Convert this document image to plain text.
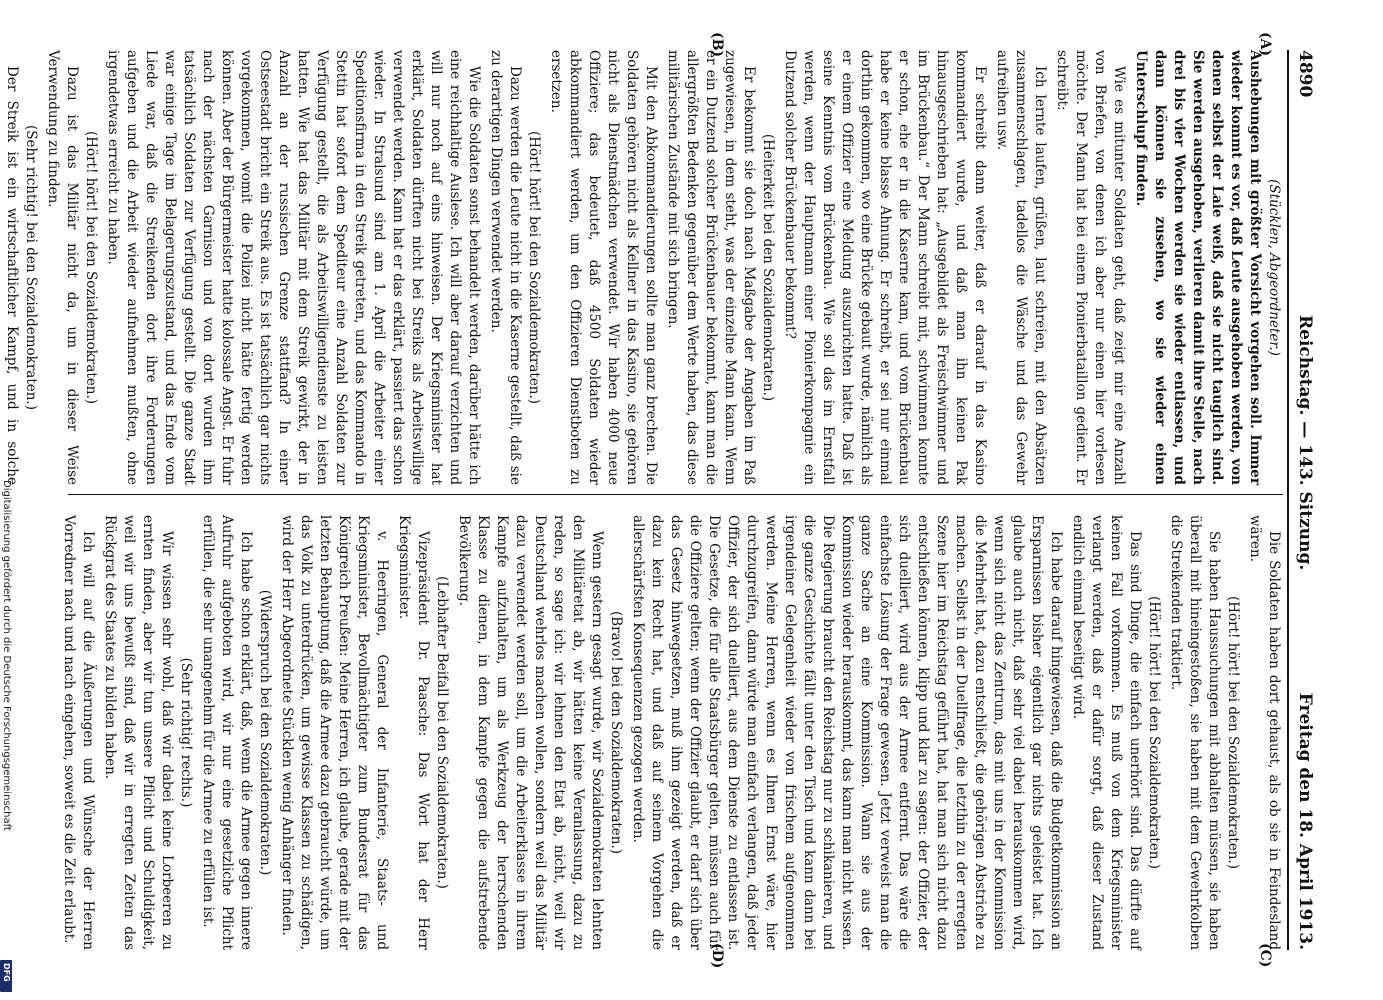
4890
Reichstag. — 143. Sitzung.
Freitag den 18. April 1913.
(A)
(B)
(C)
(D)
(Stücklen, Abgeordneter.)

Aushebungen mit größter Vorsicht vorgehen soll. Immer wieder kommt es vor, daß Leute ausgehoben werden, von denen selbst der Laie weiß, daß sie nicht tauglich sind. Sie werden ausgehoben, verlieren damit ihre Stelle, nach drei bis vier Wochen werden sie wieder entlassen, und dann können sie zusehen, wo sie wieder einen Unterschlupf finden.

Wie es mitunter Soldaten geht, daß zeigt mir eine Anzahl von Briefen, von denen ich aber nur einen hier vorlesen möchte. Der Mann hat bei einem Pionierbataillon gedient. Er schreibt:

Ich lernte laufen, grüßen, laut schreien, mit den Absätzen zusammenschlagen, tadellos die Wäsche und das Gewehr aufreihen usw.

Er schreibt dann weiter, daß er darauf in das Kasino kommandiert wurde, und daß man ihn keinen Pak hinausgeschrieben hat: „Ausgebildet als Freischwimmer und im Brückenbau.“ Der Mann schreibt mit, schwimmen konnte er schon, ehe er in die Kaserne kam, und vom Brückenbau habe er keine blasse Ahnung. Er schreibt, er sei nur einmal dorthin gekommen, wo eine Brücke gebaut wurde, nämlich als er einem Offizier eine Meldung auszurichten hatte. Daß ist seine Kenntnis vom Brückenbau. Wie soll das im Ernstfall werden, wenn der Hauptmann einer Pionierkompagnie ein Dutzend solcher Brückenbauer bekommt?

(Heiterkeit bei den Sozialdemokraten.)

Er bekommt sie doch nach Maßgabe der Angaben im Paß zugewiesen, in dem steht, was der einzelne Mann kann. Wenn er ein Dutzend solcher Brückenbauer bekommt, kann man die allergrößten Bedenken gegenüber dem Werte haben, das diese militärischen Zustände mit sich bringen.

Mit den Abkommandierungen sollte man ganz brechen. Die Soldaten gehören nicht als Kellner in das Kasino, sie gehören nicht als Dienstmädchen verwendet. Wir haben 4000 neue Offiziere; das bedeutet, daß 4500 Soldaten wieder abkommandiert werden, um den Offizieren Dienstboten zu ersetzen.

(Hört! hört! bei den Sozialdemokraten.)

Dazu werden die Leute nicht in die Kaserne gestellt, daß sie zu derartigen Dingen verwendet werden.

Wie die Soldaten sonst behandelt werden, darüber hätte ich eine reichhaltige Auslese. Ich will aber darauf verzichten und will nur noch auf eins hinweisen. Der Kriegsminister hat erklärt, Soldaten dürften nicht bei Streiks als Arbeitswillige verwendet werden. Kann hat er das erklärt, passiert das schon wieder. In Stralsund sind am 1. April die Arbeiter einer Speditionsfirma in den Streik getreten, und das Kommando in Stettin hat sofort dem Spediteur eine Anzahl Soldaten zur Verfügung gestellt, die als Arbeitswilligendienste zu leisten hatten. Wie hat das Militär mit dem Streik gewirkt, der in Anzahl an der russischen Grenze stattfand? In einer Ostseestadt bricht ein Streik aus. Es ist tatsächlich gar nichts vorgekommen, womit die Polizei nicht hätte fertig werden können. Aber der Bürgermeister hatte kolossale Angst. Er fuhr nach der nächsten Garnison und von dort wurden ihm tatsächlich Soldaten zur Verfügung gestellt. Die ganze Stadt war einige Tage im Belagerungszustand, und das Ende vom Liede war, daß die Streikenden dort ihre Forderungen aufgeben und die Arbeit wieder aufnehmen mußten, ohne irgendetwas erreicht zu haben.

(Hört! hört! bei den Sozialdemokraten.)

Dazu ist das Militär nicht da, um in dieser Weise Verwendung zu finden.

(Sehr richtig! bei den Sozialdemokraten.)

Der Streik ist ein wirtschaftlicher Kampf, und in solche

Die Soldaten haben dort gehaust, als ob sie in Feindesland wären.

(Hört! hört! bei den Sozialdemokraten.)

Sie haben Haussuchungen mit abhalten müssen, sie haben überall mit hineingestoßen, sie haben mit dem Gewehrkolben die Streikenden traktiert.

(Hört! hört! bei den Sozialdemokraten.)

Das sind Dinge, die einfach unerhört sind. Das dürfte auf keinen Fall vorkommen. Es muß von dem Kriegsminister verlangt werden, daß er dafür sorgt, daß dieser Zustand endlich einmal beseitigt wird.

Ich habe darauf hingewiesen, daß die Budgetkommission an Ersparnissen bisher eigentlich gar nichts geleistet hat. Ich glaube auch nicht, daß sehr viel dabei herauskommen wird, wenn sich nicht das Zentrum, das mit uns in der Kommission die Mehrheit hat, dazu entschließt, die gehörigen Abstriche zu machen. Selbst in der Duellfrage, die letzthin zu der erregten Szene hier im Reichstag geführt hat, hat man sich nicht dazu entschließen können, klipp und klar zu sagen: der Offizier, der sich duelliert, wird aus der Armee entfernt. Das wäre die einfachste Lösung der Frage gewesen. Jetzt verweist man die ganze Sache an eine Kommission. Wann sie aus der Kommission wieder herauskommt, das kann man nicht wissen. Die Regierung braucht den Reichstag nur zu schikanieren, und die ganze Geschichte fällt unter den Tisch und kann dann bei irgendeiner Gelegenheit wieder von frischem aufgenommen werden. Meine Herren, wenn es Ihnen Ernst wäre, hier durchzugreifen, dann würde man einfach verlangen, daß jeder Offizier, der sich duelliert, aus dem Dienste zu entlassen ist. Die Gesetze, die für alle Staatsbürger gelten, müssen auch für die Offiziere gelten; wenn der Offizier glaubt, er darf sich über das Gesetz hinwegsetzen, muß ihm gezeigt werden, daß er dazu kein Recht hat, und daß auf seinem Vorgehen die allerschärfsten Konsequenzen gezogen werden.

(Bravo! bei den Sozialdemokraten.)

Wenn gestern gesagt wurde, wir Sozialdemokraten lehnten den Militäretat ab, wir hätten keine Veranlassung, dazu zu reden, so sage ich: wir lehnen den Etat ab, nicht, weil wir Deutschland wehrlos machen wollen, sondern weil das Militär dazu verwendet werden soll, um die Arbeiterklasse in ihrem Kampfe aufzuhalten, um als Werkzeug der herrschenden Klasse zu dienen, in dem Kampfe gegen die aufstrebende Bevölkerung.

(Lebhafter Beifall bei den Sozialdemokraten.)

Vizepräsident Dr. Paasche: Das Wort hat der Herr Kriegsminister.

v. Heeringen, General der Infanterie, Staats- und Kriegsminister, Bevollmächtigter zum Bundesrat für das Königreich Preußen: Meine Herren, ich glaube, gerade mit der letzten Behauptung, daß die Armee dazu gebraucht würde, um das Volk zu unterdrücken, um gewisse Klassen zu schädigen, wird der Herr Abgeordnete Stücklen wenig Anhänger finden.

(Widerspruch bei den Sozialdemokraten.)

Ich habe schon erklärt, daß, wenn die Armee gegen innere Aufruhr aufgeboten wird, wir nur eine gesetzliche Pflicht erfüllen, die sehr unangenehm für die Armee zu erfüllen ist.

(Sehr richtig! rechts.)

Wir wissen sehr wohl, daß wir dabei keine Lorbeeren zu ernten finden, aber wir tun unsere Pflicht und Schuldigkeit, weil wir uns bewußt sind, daß wir in erregten Zeiten das Rückgrat des Staates zu bilden haben.

Ich will auf die Äußerungen und Wünsche der Herren Vorredner nach und nach eingehen, soweit es die Zeit erlaubt.

Digitalisierung gefördert durch die Deutsche Forschungsgemeinschaft
DFG
